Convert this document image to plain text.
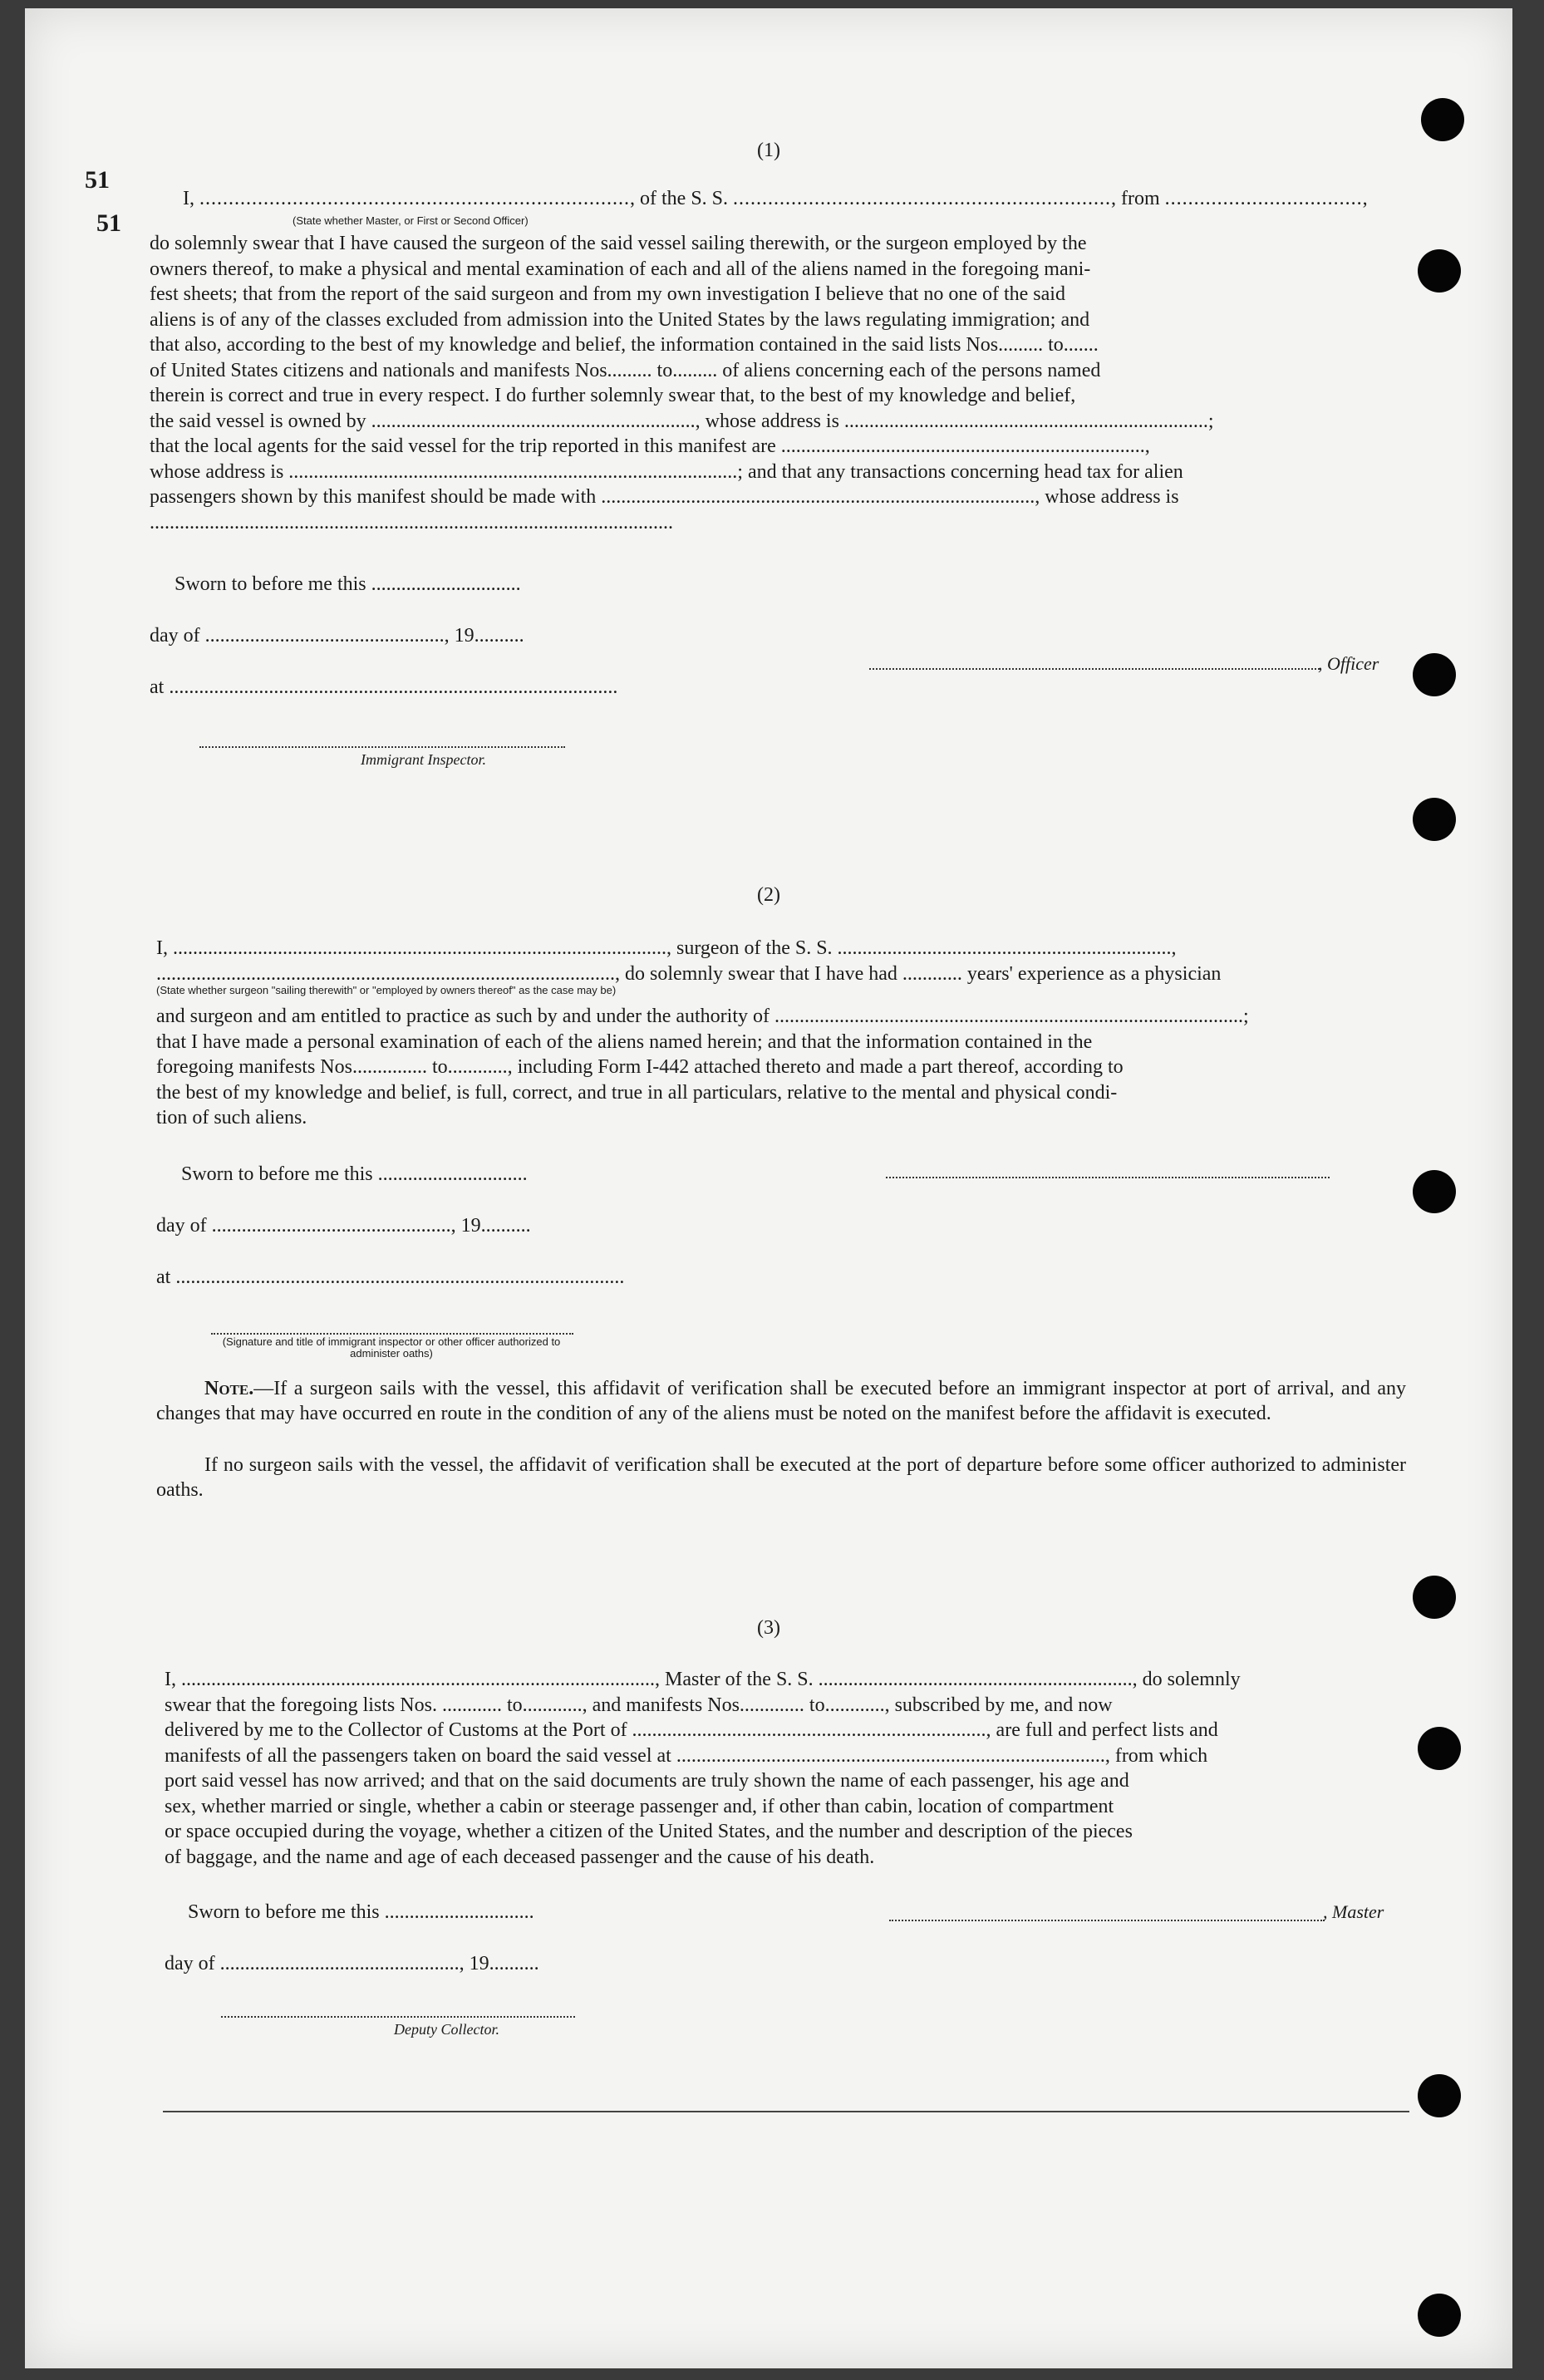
51
51
(1)
I, .........................................................................., of the S. S. ................................................................., from ..................................,
(State whether Master, or First or Second Officer)
do solemnly swear that I have caused the surgeon of the said vessel sailing therewith, or the surgeon employed by the
owners thereof, to make a physical and mental examination of each and all of the aliens named in the foregoing mani-
fest sheets; that from the report of the said surgeon and from my own investigation I believe that no one of the said
aliens is of any of the classes excluded from admission into the United States by the laws regulating immigration; and
that also, according to the best of my knowledge and belief, the information contained in the said lists Nos......... to.......
of United States citizens and nationals and manifests Nos......... to......... of aliens concerning each of the persons named
therein is correct and true in every respect. I do further solemnly swear that, to the best of my knowledge and belief,
the said vessel is owned by ................................................................., whose address is .........................................................................;
that the local agents for the said vessel for the trip reported in this manifest are .........................................................................,
whose address is ..........................................................................................; and that any transactions concerning head tax for alien
passengers shown by this manifest should be made with ......................................................................................., whose address is
.........................................................................................................
Sworn to before me this ..............................
day of ................................................, 19..........
at ..........................................................................................
Immigrant Inspector.
, Officer
(2)
I, ..................................................................................................., surgeon of the S. S. ...................................................................,
............................................................................................, do solemnly swear that I have had ............ years' experience as a physician
(State whether surgeon "sailing therewith" or "employed by owners thereof" as the case may be)
and surgeon and am entitled to practice as such by and under the authority of ..............................................................................................;
that I have made a personal examination of each of the aliens named herein; and that the information contained in the
foregoing manifests Nos............... to............, including Form I-442 attached thereto and made a part thereof, according to
the best of my knowledge and belief, is full, correct, and true in all particulars, relative to the mental and physical condi-
tion of such aliens.
Sworn to before me this ..............................
day of ................................................, 19..........
at ..........................................................................................
(Signature and title of immigrant inspector or other officer authorized to administer oaths)
Note.—If a surgeon sails with the vessel, this affidavit of verification shall be executed before an immigrant inspector at port of arrival, and any changes that may have occurred en route in the condition of any of the aliens must be noted on the manifest before the affidavit is executed.
If no surgeon sails with the vessel, the affidavit of verification shall be executed at the port of departure before some officer authorized to administer oaths.
(3)
I, ..............................................................................................., Master of the S. S. ..............................................................., do solemnly
swear that the foregoing lists Nos. ............ to............, and manifests Nos............. to............, subscribed by me, and now
delivered by me to the Collector of Customs at the Port of ......................................................................., are full and perfect lists and
manifests of all the passengers taken on board the said vessel at ......................................................................................, from which
port said vessel has now arrived; and that on the said documents are truly shown the name of each passenger, his age and
sex, whether married or single, whether a cabin or steerage passenger and, if other than cabin, location of compartment
or space occupied during the voyage, whether a citizen of the United States, and the number and description of the pieces
of baggage, and the name and age of each deceased passenger and the cause of his death.
Sworn to before me this ..............................
day of ................................................, 19..........
Deputy Collector.
, Master
